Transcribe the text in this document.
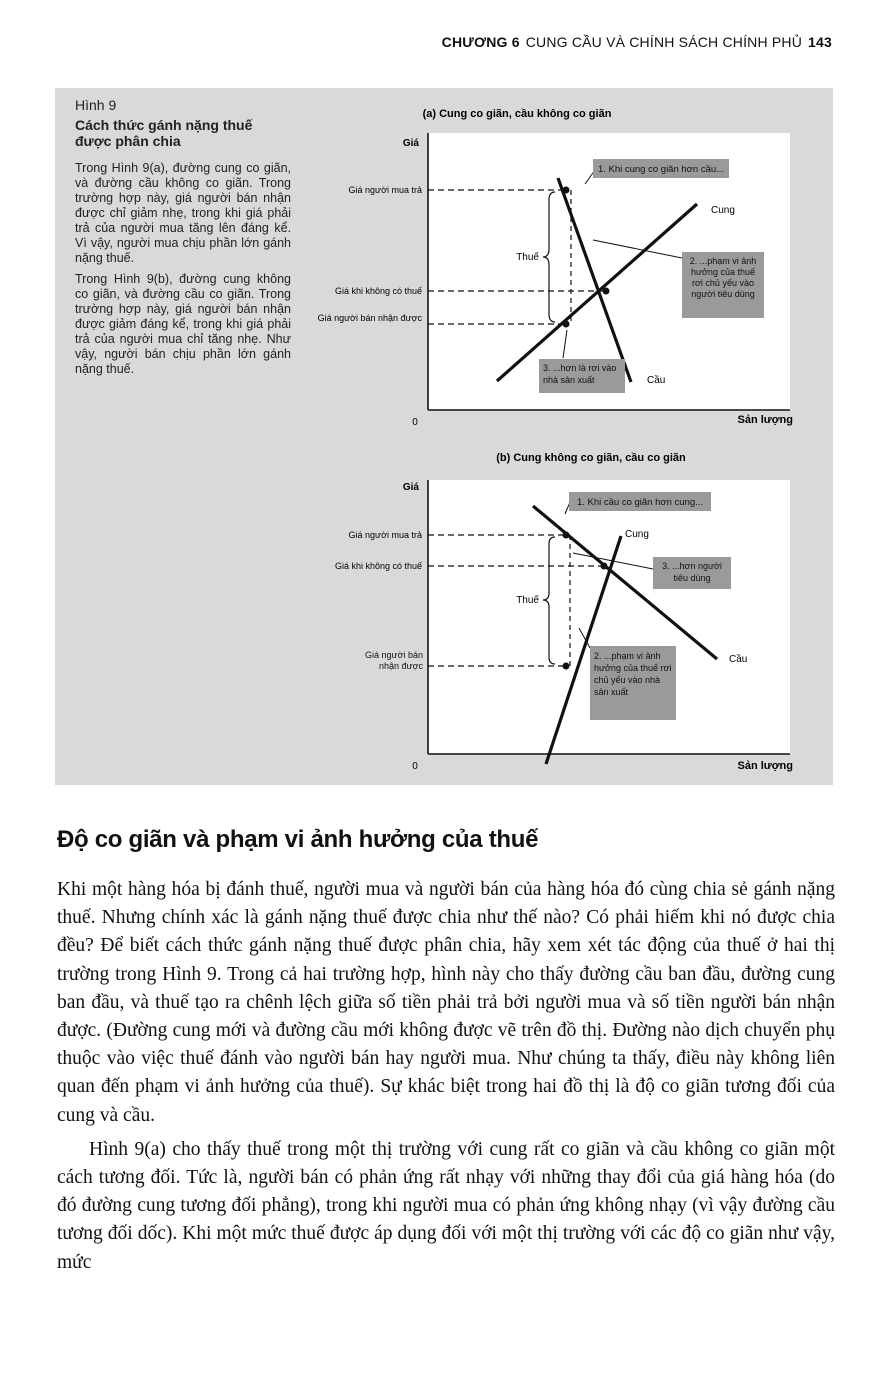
CHƯƠNG 6 CUNG CẦU VÀ CHÍNH SÁCH CHÍNH PHỦ 143
Hình 9
Cách thức gánh nặng thuế được phân chia

Trong Hình 9(a), đường cung co giãn, và đường cầu không co giãn. Trong trường hợp này, giá người bán nhận được chỉ giảm nhẹ, trong khi giá phải trả của người mua tăng lên đáng kể. Vì vậy, người mua chịu phần lớn gánh nặng thuế.

Trong Hình 9(b), đường cung không co giãn, và đường cầu co giãn. Trong trường hợp này, giá người bán nhận được giảm đáng kể, trong khi giá phải trả của người mua chỉ tăng nhẹ. Như vậy, người bán chịu phần lớn gánh nặng thuế.

(a) Cung co giãn, cầu không co giãn
Giá
Sản lượng
0
Giá người mua trả
Giá khi không có thuế
Giá người bán nhận được
Cung
Cầu
Thuế
1. Khi cung co giãn hơn cầu...
2. ...phạm vi ảnh hưởng của thuế rơi chủ yếu vào người tiêu dùng
3. ...hơn là rơi vào nhà sản xuất
(b) Cung không co giãn, cầu co giãn
Giá
Sản lượng
0
Giá người mua trả
Giá khi không có thuế
Giá người bán nhận được
Cung
Cầu
Thuế
1. Khi cầu co giãn hơn cung...
2. ...phạm vi ảnh hưởng của thuế rơi chủ yếu vào nhà sản xuất
3. ...hơn người tiêu dùng
Độ co giãn và phạm vi ảnh hưởng của thuế

Khi một hàng hóa bị đánh thuế, người mua và người bán của hàng hóa đó cùng chia sẻ gánh nặng thuế. Nhưng chính xác là gánh nặng thuế được chia như thế nào? Có phải hiếm khi nó được chia đều? Để biết cách thức gánh nặng thuế được phân chia, hãy xem xét tác động của thuế ở hai thị trường trong Hình 9. Trong cả hai trường hợp, hình này cho thấy đường cầu ban đầu, đường cung ban đầu, và thuế tạo ra chênh lệch giữa số tiền phải trả bởi người mua và số tiền người bán nhận được. (Đường cung mới và đường cầu mới không được vẽ trên đồ thị. Đường nào dịch chuyển phụ thuộc vào việc thuế đánh vào người bán hay người mua. Như chúng ta thấy, điều này không liên quan đến phạm vi ảnh hưởng của thuế). Sự khác biệt trong hai đồ thị là độ co giãn tương đối của cung và cầu.

Hình 9(a) cho thấy thuế trong một thị trường với cung rất co giãn và cầu không co giãn một cách tương đối. Tức là, người bán có phản ứng rất nhạy với những thay đổi của giá hàng hóa (do đó đường cung tương đối phẳng), trong khi người mua có phản ứng không nhạy (vì vậy đường cầu tương đối dốc). Khi một mức thuế được áp dụng đối với một thị trường với các độ co giãn như vậy, mức
